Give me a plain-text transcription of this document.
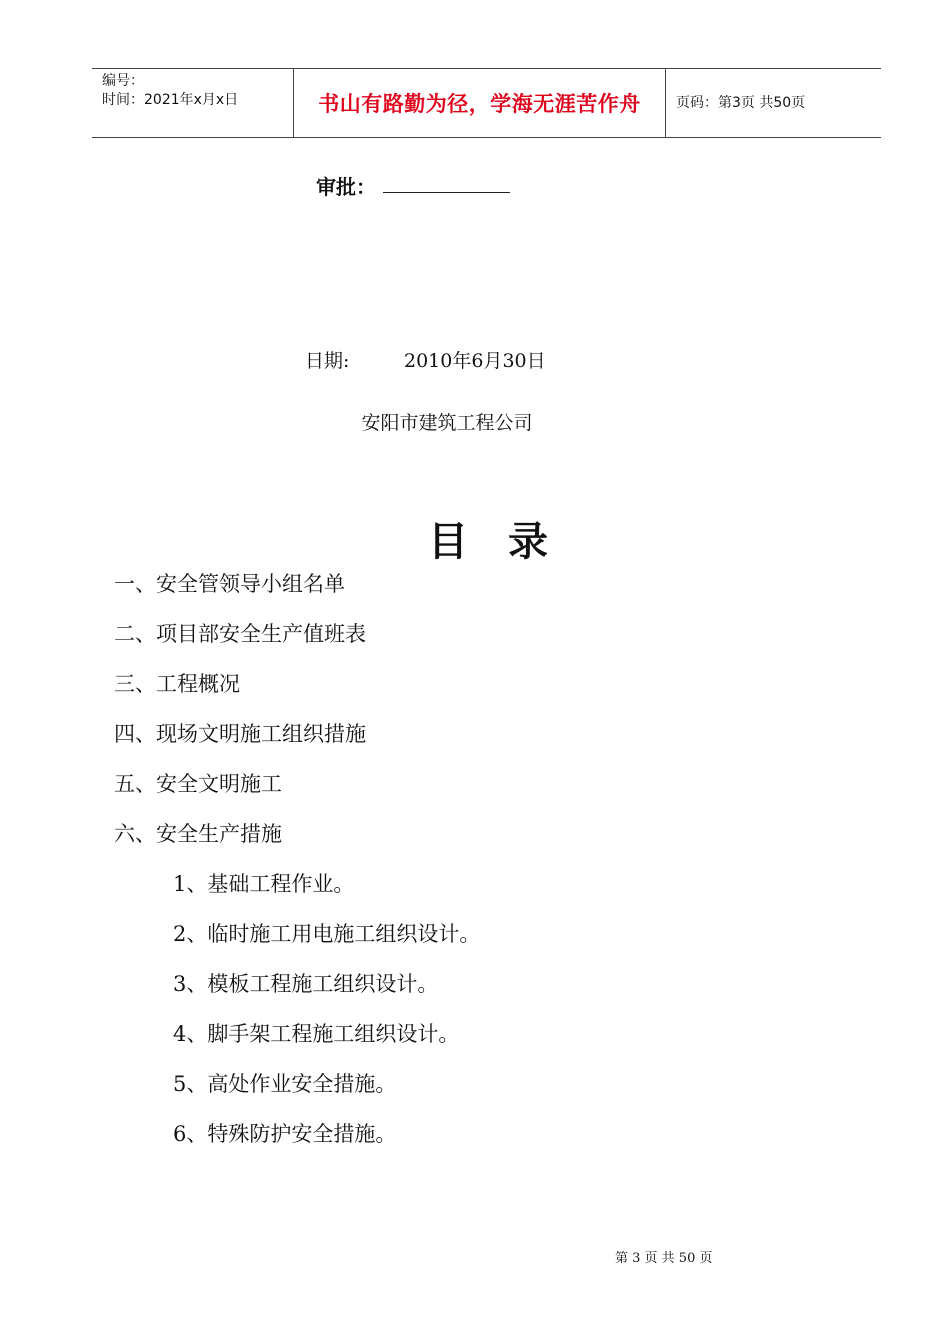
编号：
时间：2021年x月x日	书山有路勤为径，学海无涯苦作舟	页码：第3页 共50页
审批：
日期:	2010年6月30日
安阳市建筑工程公司
目录
一、安全管领导小组名单
二、项目部安全生产值班表
三、工程概况
四、现场文明施工组织措施
五、安全文明施工
六、安全生产措施
1、基础工程作业。
2、临时施工用电施工组织设计。
3、模板工程施工组织设计。
4、脚手架工程施工组织设计。
5、高处作业安全措施。
6、特殊防护安全措施。
第 3 页 共 50 页
